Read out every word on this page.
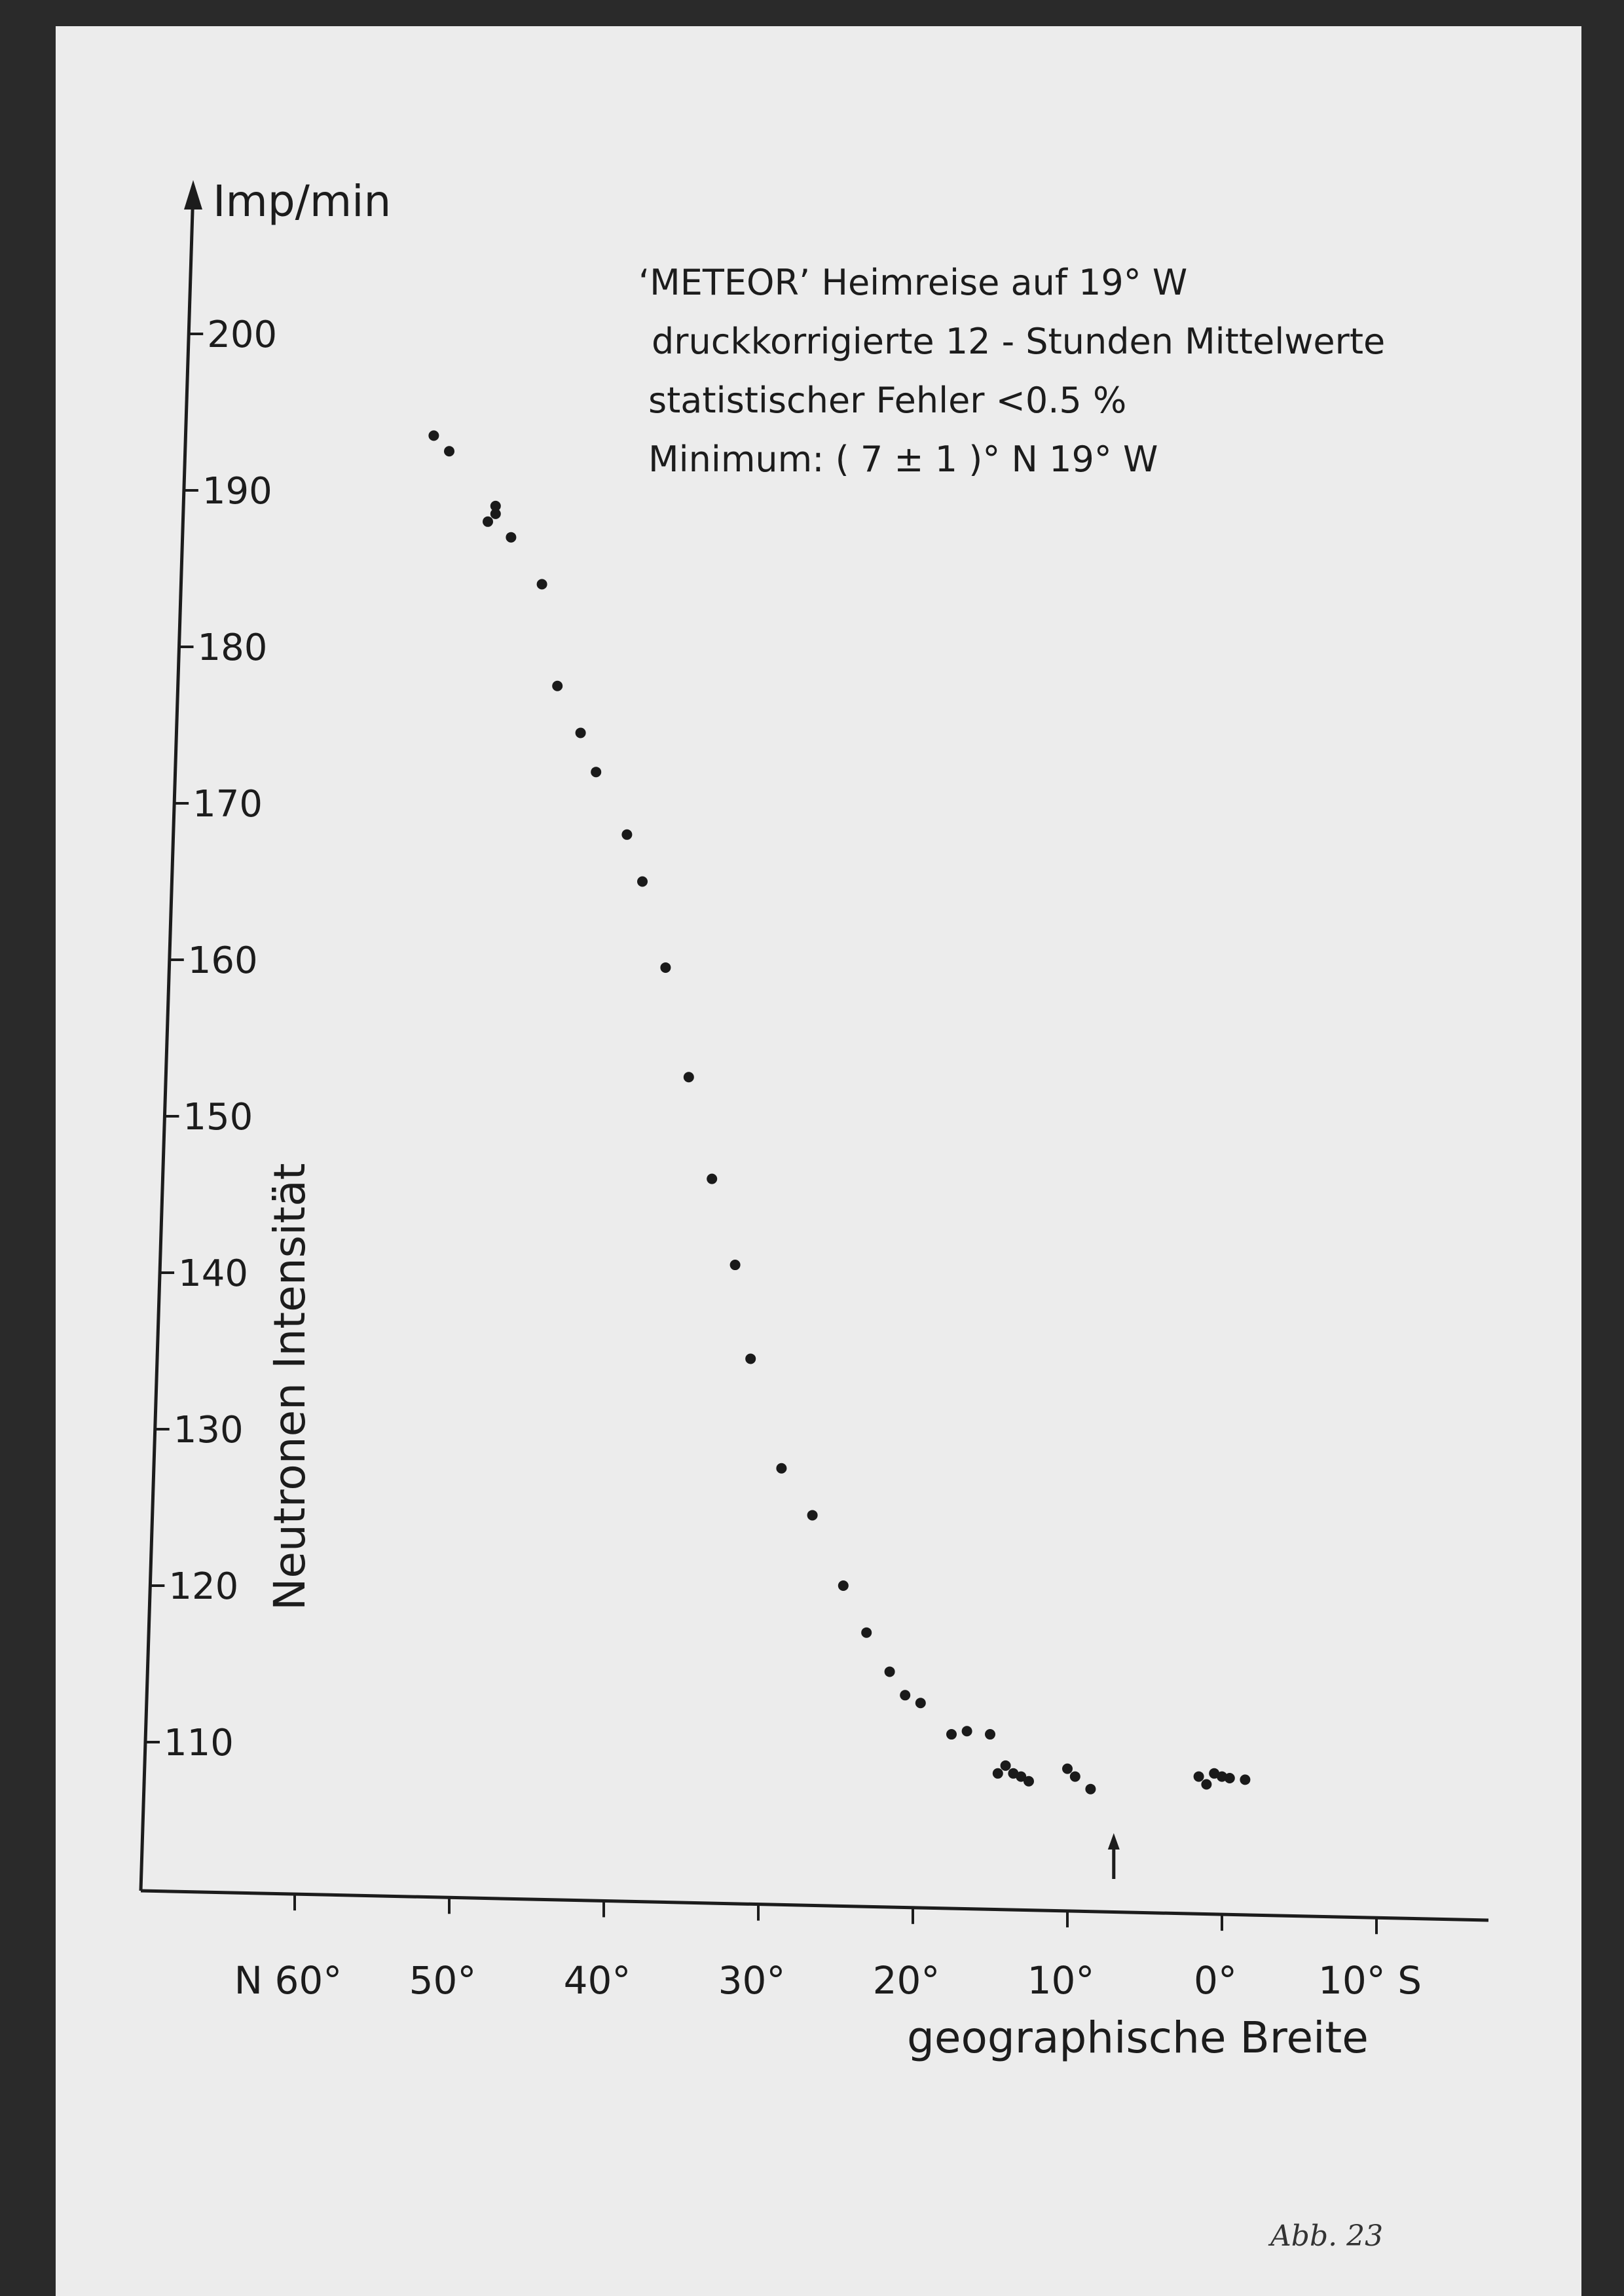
200
190
180
170
160
150
140
130
120
110
N 60° 50° 40° 30° 20° 10°	0° 10° S
Imp/min
Neutronen Intensität
geographische Breite
‘METEOR’ Heimreise auf 19° W
druckkorrigierte 12 - Stunden Mittelwerte
statistischer Fehler <0.5 %
Minimum: ( 7 ± 1 )° N 19° W
Abb. 23
